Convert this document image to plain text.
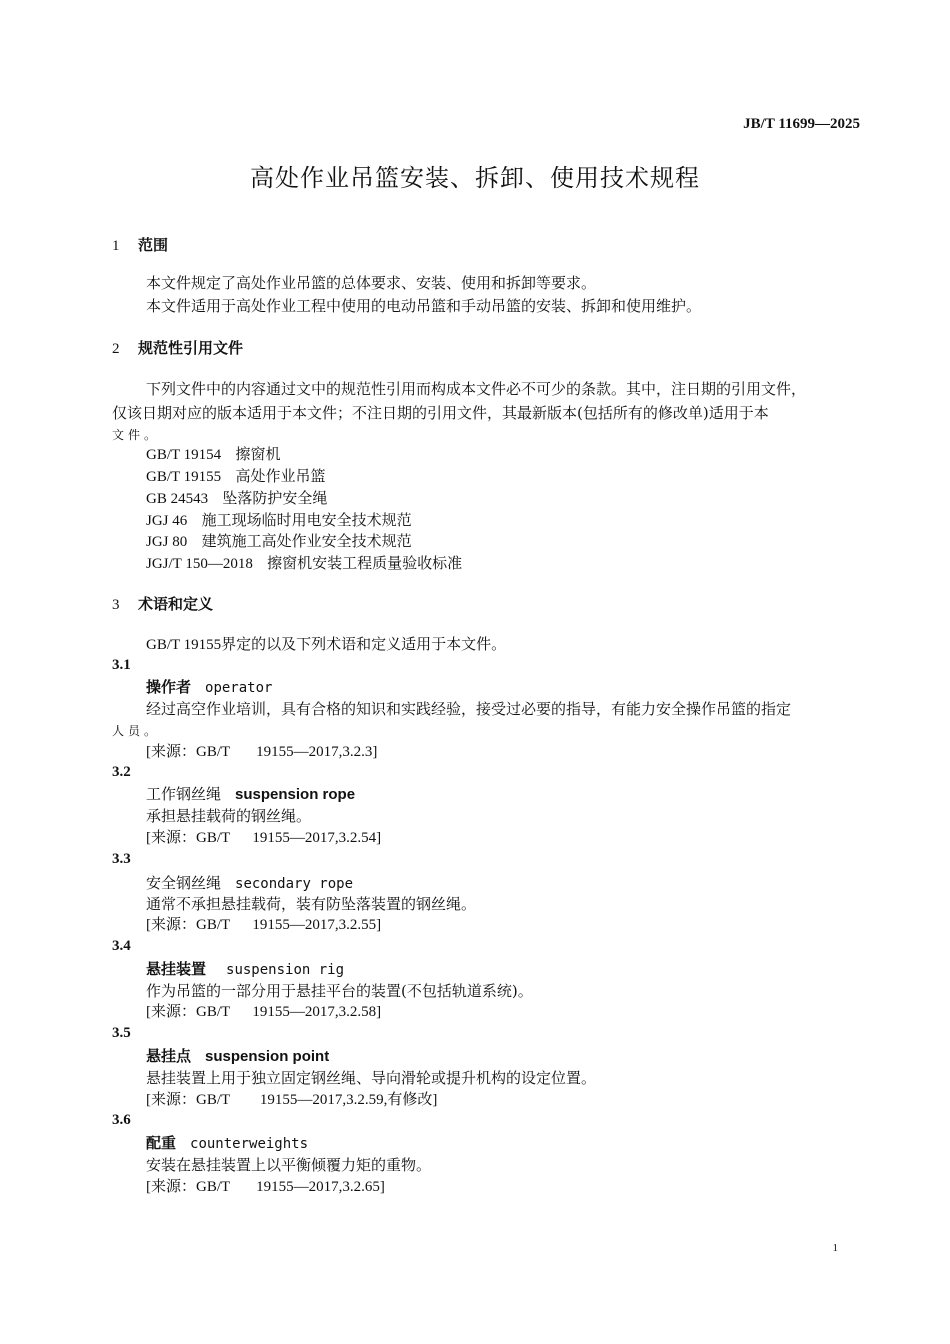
JB/T 11699—2025
高处作业吊篮安装、拆卸、使用技术规程
1 范围
本文件规定了高处作业吊篮的总体要求、安装、使用和拆卸等要求。
本文件适用于高处作业工程中使用的电动吊篮和手动吊篮的安装、拆卸和使用维护。
2 规范性引用文件
下列文件中的内容通过文中的规范性引用而构成本文件必不可少的条款。其中，注日期的引用文件，
仅该日期对应的版本适用于本文件；不注日期的引用文件，其最新版本(包括所有的修改单)适用于本
文件。
GB/T 19154 擦窗机
GB/T 19155 高处作业吊篮
GB 24543 坠落防护安全绳
JGJ 46 施工现场临时用电安全技术规范
JGJ 80 建筑施工高处作业安全技术规范
JGJ/T 150—2018 擦窗机安装工程质量验收标准
3 术语和定义
GB/T 19155界定的以及下列术语和定义适用于本文件。
3.1
操作者 operator
经过高空作业培训，具有合格的知识和实践经验，接受过必要的指导，有能力安全操作吊篮的指定
人员。
[来源：GB/T       19155—2017,3.2.3]
3.2
工作钢丝绳 suspension rope
承担悬挂载荷的钢丝绳。
[来源：GB/T      19155—2017,3.2.54]
3.3
安全钢丝绳 secondary rope
通常不承担悬挂载荷，装有防坠落装置的钢丝绳。
[来源：GB/T      19155—2017,3.2.55]
3.4
悬挂装置 suspension rig
作为吊篮的一部分用于悬挂平台的装置(不包括轨道系统)。
[来源：GB/T      19155—2017,3.2.58]
3.5
悬挂点 suspension point
悬挂装置上用于独立固定钢丝绳、导向滑轮或提升机构的设定位置。
[来源：GB/T        19155—2017,3.2.59,有修改]
3.6
配重 counterweights
安装在悬挂装置上以平衡倾覆力矩的重物。
[来源：GB/T       19155—2017,3.2.65]
1
